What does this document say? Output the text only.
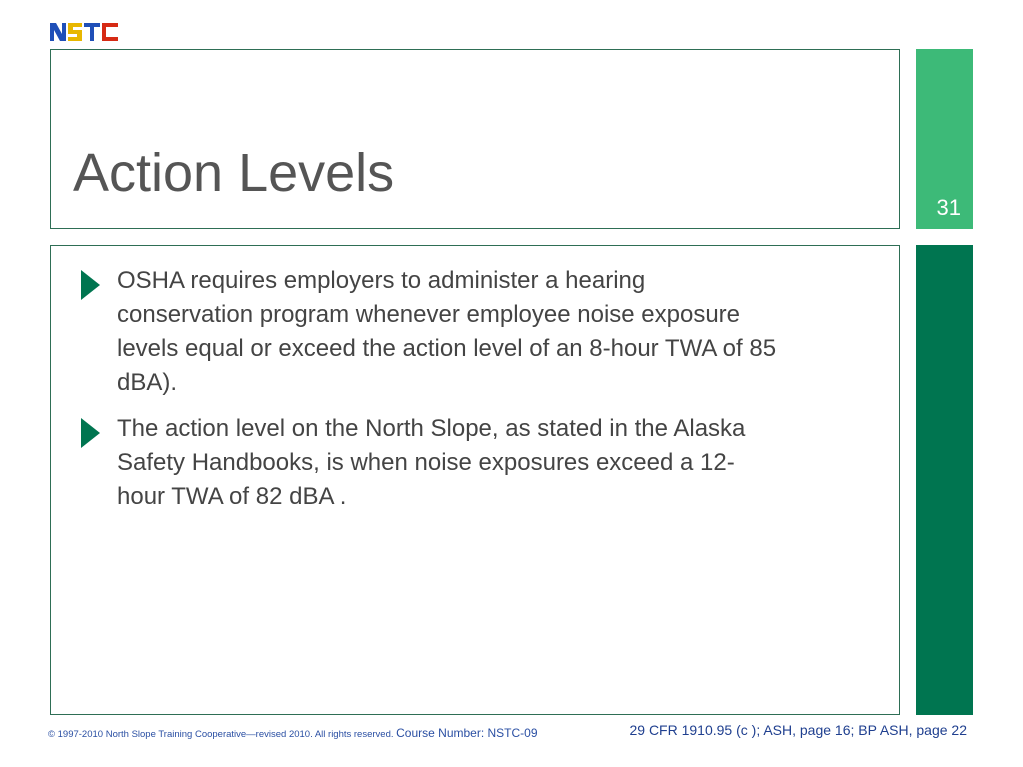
Action Levels
31
OSHA requires employers to administer a hearing conservation program whenever employee noise exposure levels equal or exceed the action level of an 8-hour TWA of 85 dBA).
The action level on the North Slope, as stated in the Alaska Safety Handbooks, is when noise exposures exceed a 12-hour TWA of 82 dBA .
© 1997-2010 North Slope Training Cooperative—revised 2010. All rights reserved. Course Number: NSTC-09	29 CFR 1910.95 (c ); ASH, page 16; BP ASH, page 22
